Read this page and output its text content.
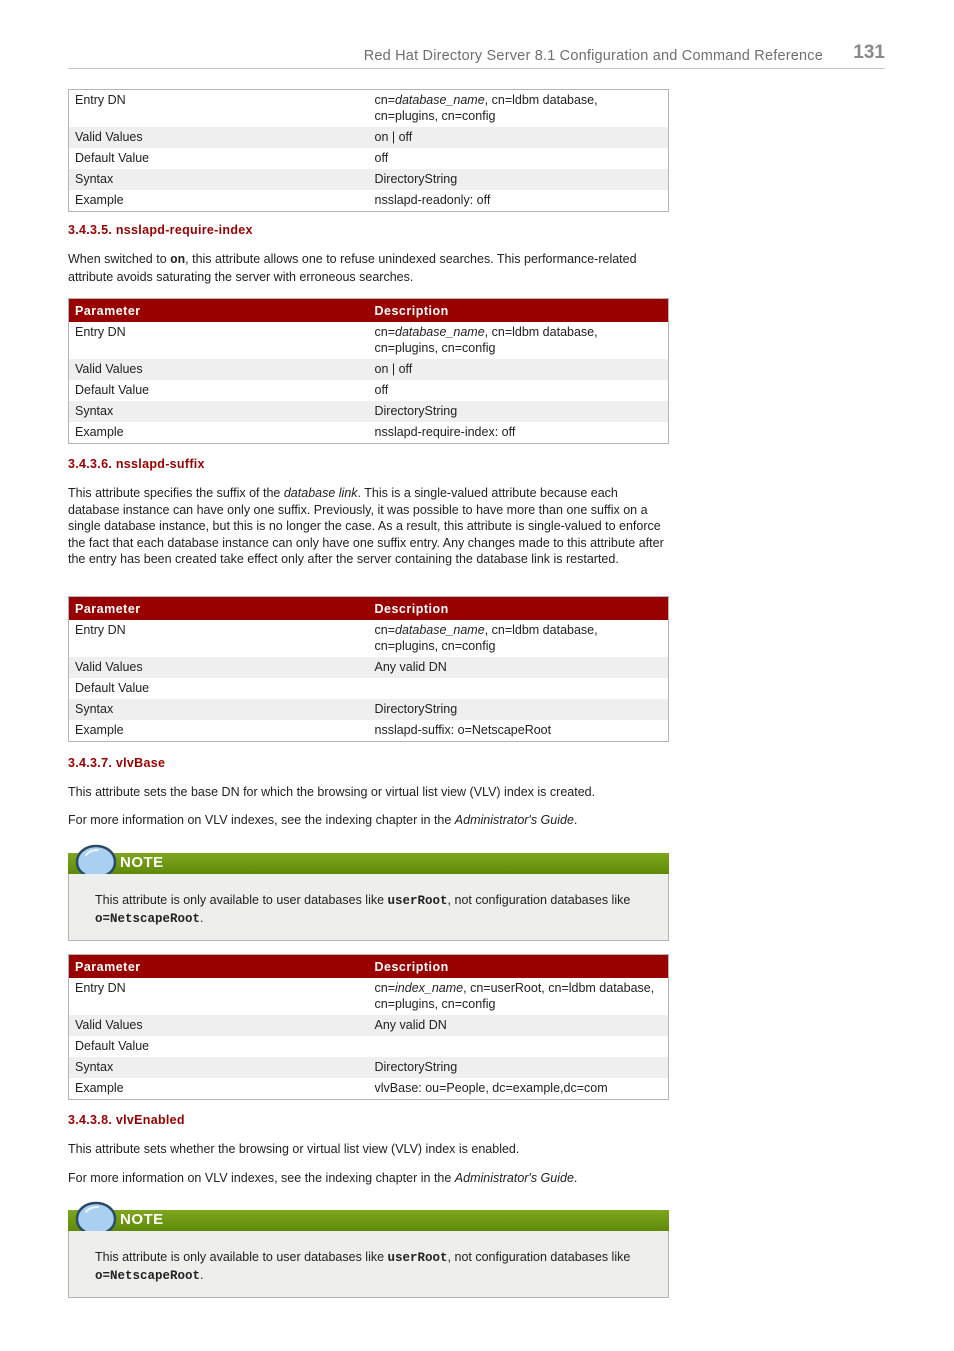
Red Hat Directory Server 8.1 Configuration and Command Reference 131
Entry DN	cn=database_name, cn=ldbm database, cn=plugins, cn=config
Valid Values	on | off
Default Value	off
Syntax	DirectoryString
Example	nsslapd-readonly: off
3.4.3.5. nsslapd-require-index
When switched to on, this attribute allows one to refuse unindexed searches. This performance-related attribute avoids saturating the server with erroneous searches.
Parameter	Description
Entry DN	cn=database_name, cn=ldbm database, cn=plugins, cn=config
Valid Values	on | off
Default Value	off
Syntax	DirectoryString
Example	nsslapd-require-index: off
3.4.3.6. nsslapd-suffix
This attribute specifies the suffix of the database link. This is a single-valued attribute because each database instance can have only one suffix. Previously, it was possible to have more than one suffix on a single database instance, but this is no longer the case. As a result, this attribute is single-valued to enforce the fact that each database instance can only have one suffix entry. Any changes made to this attribute after the entry has been created take effect only after the server containing the database link is restarted.
Parameter	Description
Entry DN	cn=database_name, cn=ldbm database, cn=plugins, cn=config
Valid Values	Any valid DN
Default Value	
Syntax	DirectoryString
Example	nsslapd-suffix: o=NetscapeRoot
3.4.3.7. vlvBase
This attribute sets the base DN for which the browsing or virtual list view (VLV) index is created.
For more information on VLV indexes, see the indexing chapter in the Administrator's Guide.
NOTE
This attribute is only available to user databases like userRoot, not configuration databases like o=NetscapeRoot.
Parameter	Description
Entry DN	cn=index_name, cn=userRoot, cn=ldbm database, cn=plugins, cn=config
Valid Values	Any valid DN
Default Value	
Syntax	DirectoryString
Example	vlvBase: ou=People, dc=example,dc=com
3.4.3.8. vlvEnabled
This attribute sets whether the browsing or virtual list view (VLV) index is enabled.
For more information on VLV indexes, see the indexing chapter in the Administrator's Guide.
NOTE
This attribute is only available to user databases like userRoot, not configuration databases like o=NetscapeRoot.
